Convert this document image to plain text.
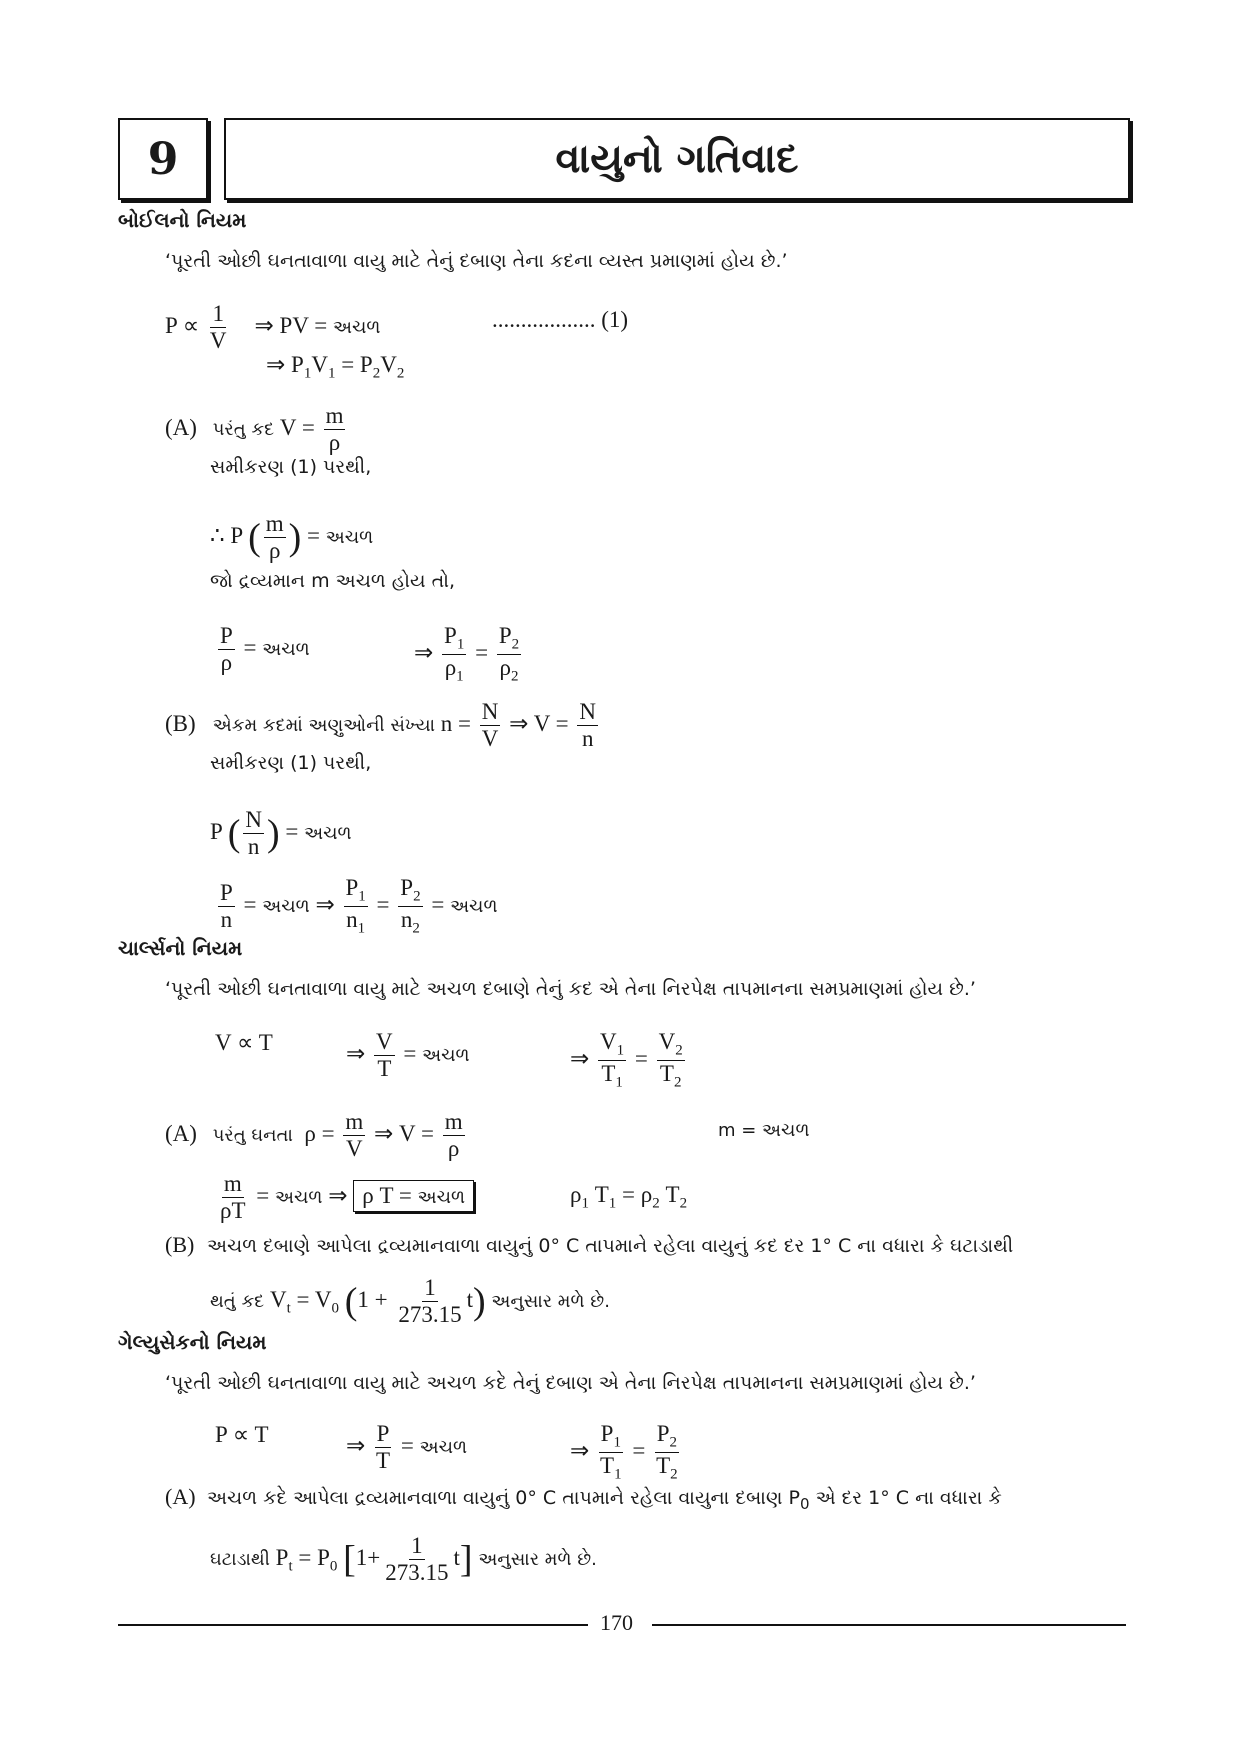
9	વાયુનો ગતિવાદ
બોઈલનો નિયમ
‘પૂરતી ઓછી ઘનતાવાળા વાયુ માટે તેનું દબાણ તેના કદના વ્યસ્ત પ્રમાણમાં હોય છે.’
$P \propto \frac{1}{V}$ ⇒ PV = અચળ	.................. (1)
⇒ $P_1V_1 = P_2V_2$
(A) પરંતુ કદ $V = \frac{m}{\rho}$
સમીકરણ (1) પરથી,
∴ P ( $\frac{m}{\rho}$ ) = અચળ
જો દ્રવ્યમાન m અચળ હોય તો,
$\frac{P}{\rho}$ = અચળ	⇒ $\frac{P_1}{\rho_1} = \frac{P_2}{\rho_2}$
(B) એકમ કદમાં અણુઓની સંખ્યા $n = \frac{N}{V}$ ⇒ $V = \frac{N}{n}$
સમીકરણ (1) પરથી,
P ( $\frac{N}{n}$ ) = અચળ
$\frac{P}{n}$ = અચળ ⇒ $\frac{P_1}{n_1} = \frac{P_2}{n_2}$ = અચળ
ચાર્લ્સનો નિયમ
‘પૂરતી ઓછી ઘનતાવાળા વાયુ માટે અચળ દબાણે તેનું કદ એ તેના નિરપેક્ષ તાપમાનના સમપ્રમાણમાં હોય છે.’
V ∝ T	⇒ $\frac{V}{T}$ = અચળ	⇒ $\frac{V_1}{T_1} = \frac{V_2}{T_2}$
(A) પરંતુ ઘનતા  $\rho = \frac{m}{V}$ ⇒ $V = \frac{m}{\rho}$	m = અચળ
$\frac{m}{\rho T}$ = અચળ ⇒ ρ T = અચળ	$\rho_1$ $T_1 = \rho_2$ $T_2$
(B) અચળ દબાણે આપેલા દ્રવ્યમાનવાળા વાયુનું 0° C તાપમાને રહેલા વાયુનું કદ દર 1° C ના વધારા કે ઘટાડાથી
થતું કદ $V_t = V_0$ $(1 + \frac{1}{273.15} t)$ અનુસાર મળે છે.
ગેલ્યુસેકનો નિયમ
‘પૂરતી ઓછી ઘનતાવાળા વાયુ માટે અચળ કદે તેનું દબાણ એ તેના નિરપેક્ષ તાપમાનના સમપ્રમાણમાં હોય છે.’
P ∝ T	⇒ $\frac{P}{T}$ = અચળ	⇒ $\frac{P_1}{T_1} = \frac{P_2}{T_2}$
(A) અચળ કદે આપેલા દ્રવ્યમાનવાળા વાયુનું 0° C તાપમાને રહેલા વાયુના દબાણ $P_0$ એ દર 1° C ના વધારા કે
ઘટાડાથી $P_t = P_0$ $[1+ \frac{1}{273.15} t]$ અનુસાર મળે છે.
170
